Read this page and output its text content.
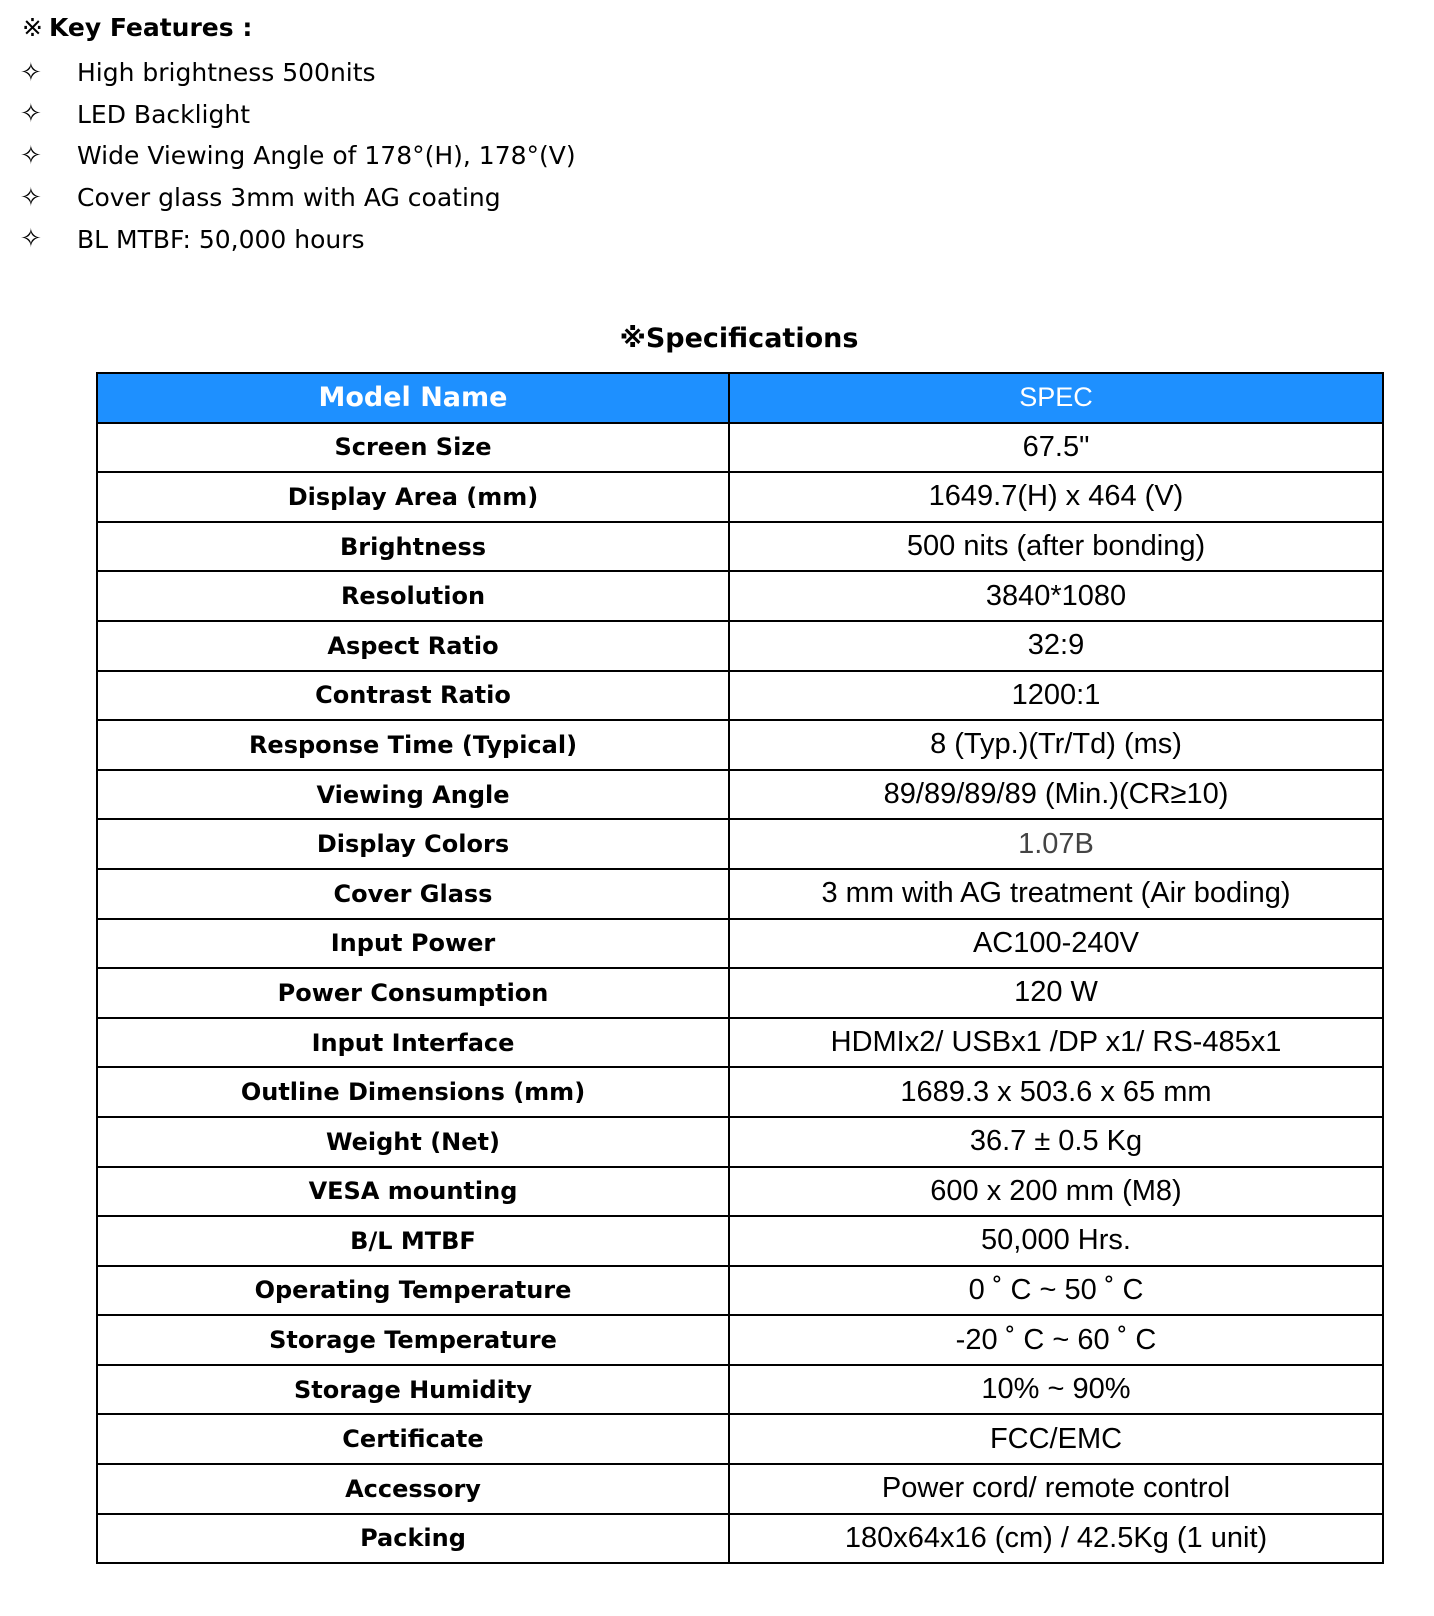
※ Key Features :
✧	High brightness 500nits
✧	LED Backlight
✧	Wide Viewing Angle of 178°(H), 178°(V)
✧	Cover glass 3mm with AG coating
✧	BL MTBF: 50,000 hours
※Specifications
Model Name	SPEC
Screen Size	67.5"
Display Area (mm)	1649.7(H) x 464 (V)
Brightness	500 nits (after bonding)
Resolution	3840*1080
Aspect Ratio	32:9
Contrast Ratio	1200:1
Response Time (Typical)	8 (Typ.)(Tr/Td) (ms)
Viewing Angle	89/89/89/89 (Min.)(CR≥10)
Display Colors	1.07B
Cover Glass	3 mm with AG treatment (Air boding)
Input Power	AC100-240V
Power Consumption	120 W
Input Interface	HDMIx2/ USBx1 /DP x1/ RS-485x1
Outline Dimensions (mm)	1689.3 x 503.6 x 65 mm
Weight (Net)	36.7 ± 0.5 Kg
VESA mounting	600 x 200 mm (M8)
B/L MTBF	50,000 Hrs.
Operating Temperature	0 ˚ C ~ 50 ˚ C
Storage Temperature	-20 ˚ C ~ 60 ˚ C
Storage Humidity	10% ~ 90%
Certificate	FCC/EMC
Accessory	Power cord/ remote control
Packing	180x64x16 (cm) / 42.5Kg (1 unit)
